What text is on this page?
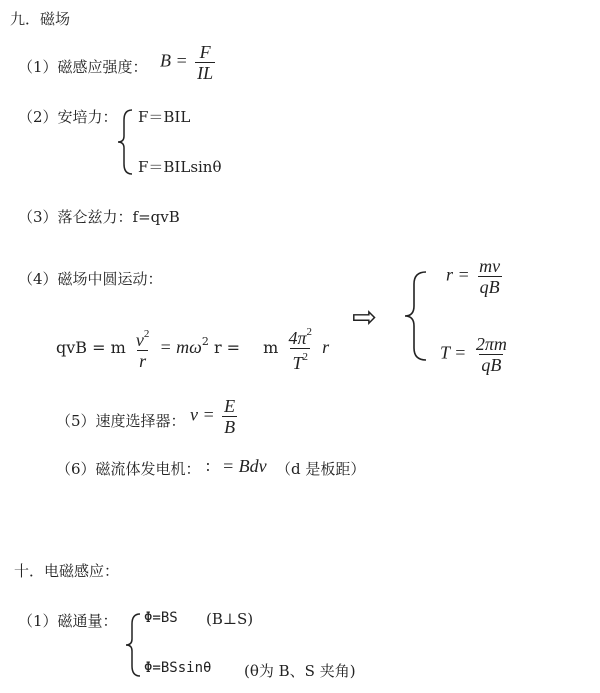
九．磁场
（1）磁感应强度： $B = \frac{F}{IL}$
（2）安培力： F＝BIL
F＝BILsinθ
（3）落仑兹力：f=qvB
（4）磁场中圆运动：	$r = \frac{mv}{qB}$
$T = \frac{2\pi m}{qB}$
⇨
qvB = m $\frac{v^2}{r} = m\omega^2$ r = m $\frac{4\pi^2}{T^2}$ r
（5）速度选择器： $v = \frac{E}{B}$
（6）磁流体发电机： ∶ = Bdv （d 是板距）
十．电磁感应：
（1）磁通量： Φ=BS (B⊥S)
Φ=BSsinθ (θ为 B、S 夹角)
